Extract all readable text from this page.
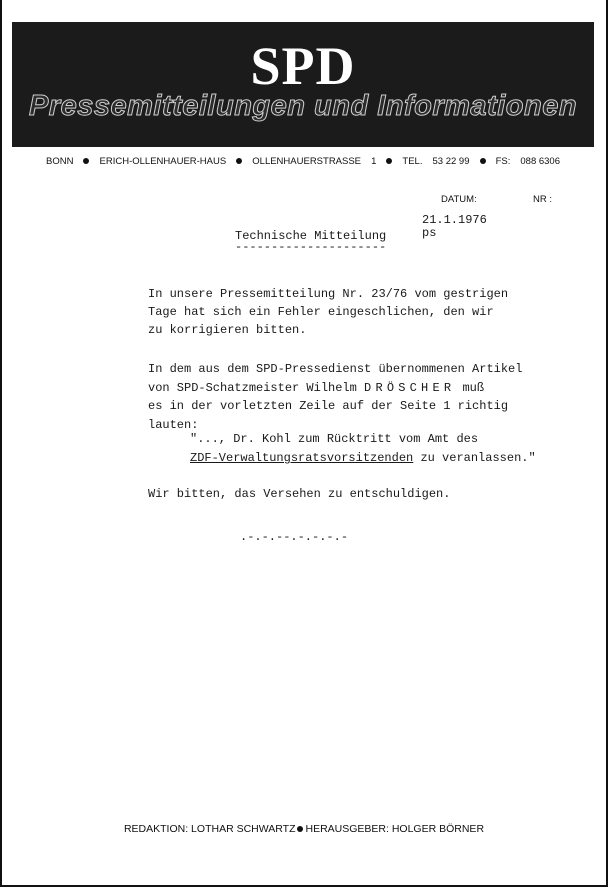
SPD
Pressemitteilungen und Informationen
BONN	ERICH-OLLENHAUER-HAUS	OLLENHAUERSTRASSE 1	TEL. 53 22 99	FS: 088 6306
DATUM:	NR :
21.1.1976
ps
Technische Mitteilung
---------------------
In unsere Pressemitteilung Nr. 23/76 vom gestrigen
Tage hat sich ein Fehler eingeschlichen, den wir
zu korrigieren bitten.
In dem aus dem SPD-Pressedienst übernommenen Artikel
von SPD-Schatzmeister Wilhelm DRÖSCHER muß
es in der vorletzten Zeile auf der Seite 1 richtig
lauten:
"..., Dr. Kohl zum Rücktritt vom Amt des
ZDF-Verwaltungsratsvorsitzenden zu veranlassen."
Wir bitten, das Versehen zu entschuldigen.
.-.-.--.-.-.-.-
REDAKTION: LOTHAR SCHWARTZ HERAUSGEBER: HOLGER BÖRNER
